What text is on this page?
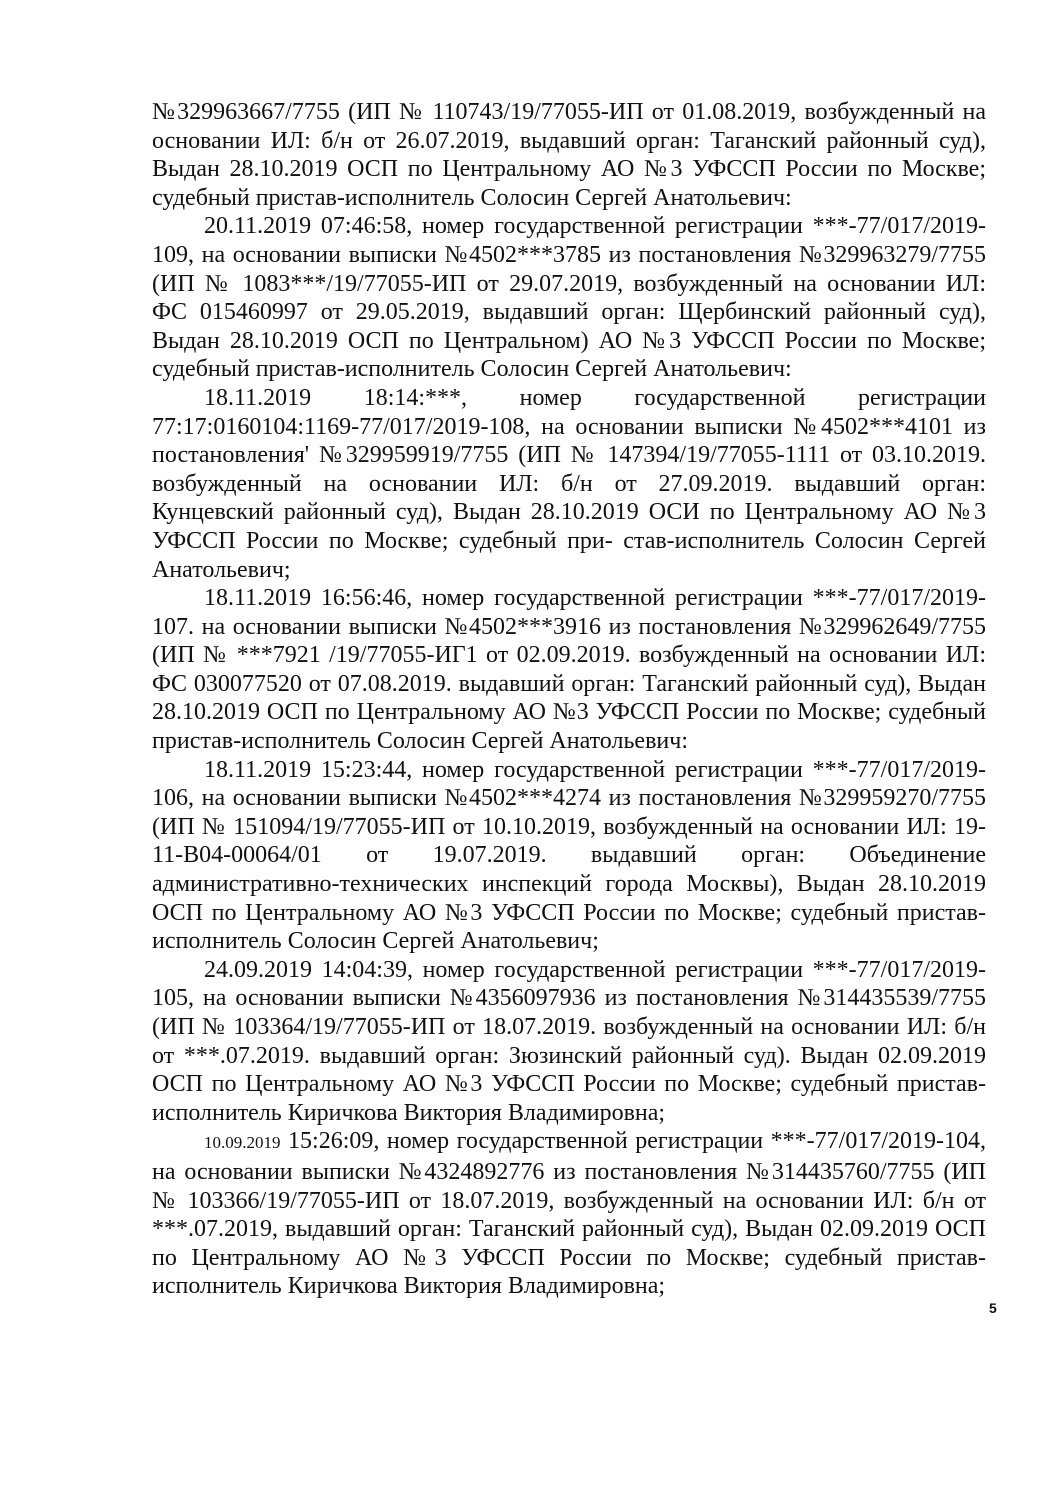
№329963667/7755 (ИП № 110743/19/77055-ИП от 01.08.2019, возбужденный на основании ИЛ: б/н от 26.07.2019, выдавший орган: Таганский районный суд), Выдан 28.10.2019 ОСП по Центральному АО №3 УФССП России по Москве; судебный пристав-исполнитель Солосин Сергей Анатольевич:

20.11.2019 07:46:58, номер государственной регистрации ***-77/017/2019-109, на основании выписки №4502***3785 из постановления №329963279/7755 (ИП № 1083***/19/77055-ИП от 29.07.2019, возбужденный на основании ИЛ: ФС 015460997 от 29.05.2019, выдавший орган: Щербинский районный суд), Выдан 28.10.2019 ОСП по Центральном) АО №3 УФССП России по Москве; судебный пристав-исполнитель Солосин Сергей Анатольевич:

18.11.2019 18:14:***, номер государственной регистрации 77:17:0160104:1169-77/017/2019-108, на основании выписки №4502***4101 из постановления' №329959919/7755 (ИП № 147394/19/77055-1111 от 03.10.2019. возбужденный на основании ИЛ: б/н от 27.09.2019. выдавший орган: Кунцевский районный суд), Выдан 28.10.2019 ОСИ по Центральному АО №3 УФССП России по Москве; судебный при- став-исполнитель Солосин Сергей Анатольевич;

18.11.2019 16:56:46, номер государственной регистрации ***-77/017/2019-107. на основании выписки №4502***3916 из постановления №329962649/7755 (ИП № ***7921 /19/77055-ИГ1 от 02.09.2019. возбужденный на основании ИЛ: ФС 030077520 от 07.08.2019. выдавший орган: Таганский районный суд), Выдан 28.10.2019 ОСП по Центральному АО №3 УФССП России по Москве; судебный пристав-исполнитель Солосин Сергей Анатольевич:

18.11.2019 15:23:44, номер государственной регистрации ***-77/017/2019-106, на основании выписки №4502***4274 из постановления №329959270/7755 (ИП № 151094/19/77055-ИП от 10.10.2019, возбужденный на основании ИЛ: 19-11-В04-00064/01 от 19.07.2019. выдавший орган: Объединение административно-технических инспекций города Москвы), Выдан 28.10.2019 ОСП по Центральному АО №3 УФССП России по Москве; судебный пристав-исполнитель Солосин Сергей Анатольевич;

24.09.2019 14:04:39, номер государственной регистрации ***-77/017/2019-105, на основании выписки №4356097936 из постановления №314435539/7755 (ИП № 103364/19/77055-ИП от 18.07.2019. возбужденный на основании ИЛ: б/н от ***.07.2019. выдавший орган: Зюзинский районный суд). Выдан 02.09.2019 ОСП по Центральному АО №3 УФССП России по Москве; судебный пристав-исполнитель Киричкова Виктория Владимировна;

10.09.2019 15:26:09, номер государственной регистрации ***-77/017/2019-104, на основании выписки №4324892776 из постановления №314435760/7755 (ИП № 103366/19/77055-ИП от 18.07.2019, возбужденный на основании ИЛ: б/н от ***.07.2019, выдавший орган: Таганский районный суд), Выдан 02.09.2019 ОСП по Центральному АО №3 УФССП России по Москве; судебный пристав-исполнитель Киричкова Виктория Владимировна;

5
